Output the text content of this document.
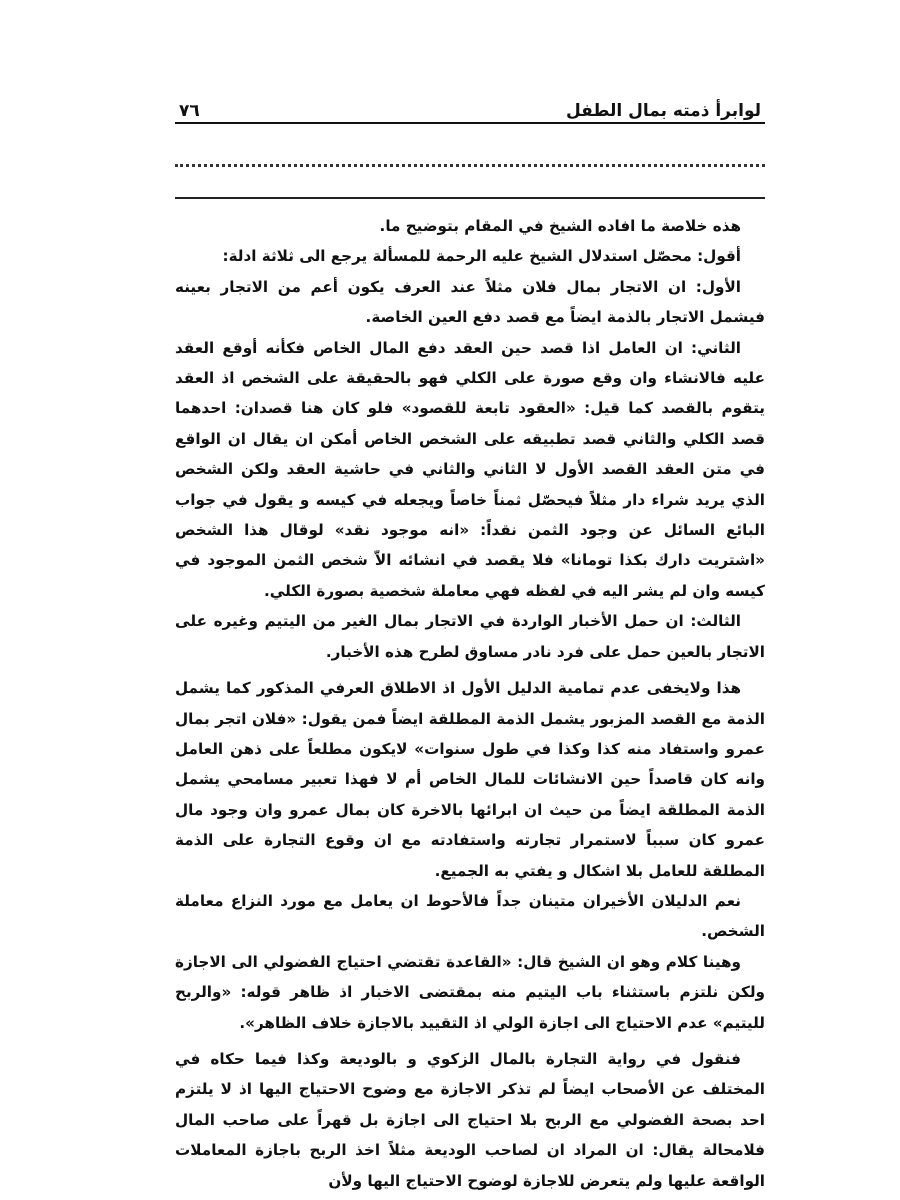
لوابرأ ذمته بمال الطفل
٧٦

هذه خلاصة ما افاده الشيخ في المقام بتوضيح ما.

أقول: محصّل استدلال الشيخ عليه الرحمة للمسألة يرجع الى ثلاثة ادلة:

الأول: ان الاتجار بمال فلان مثلاً عند العرف يكون أعم من الاتجار بعينه فيشمل الاتجار بالذمة ايضاً مع قصد دفع العين الخاصة.

الثاني: ان العامل اذا قصد حين العقد دفع المال الخاص فكأنه أوقع العقد عليه فالانشاء وان وقع صورة على الكلي فهو بالحقيقة على الشخص اذ العقد يتقوم بالقصد كما قيل: «العقود تابعة للقصود» فلو كان هنا قصدان: احدهما قصد الكلي والثاني قصد تطبيقه على الشخص الخاص أمكن ان يقال ان الواقع في متن العقد القصد الأول لا الثاني والثاني في حاشية العقد ولكن الشخص الذي يريد شراء دار مثلاً فيحصّل ثمناً خاصاً ويجعله في كيسه و يقول في جواب البائع السائل عن وجود الثمن نقداً: «انه موجود نقد» لوقال هذا الشخص «اشتريت دارك بكذا تومانا» فلا يقصد في انشائه الاّ شخص الثمن الموجود في كيسه وان لم يشر اليه في لفظه فهي معاملة شخصية بصورة الكلي.

الثالث: ان حمل الأخبار الواردة في الاتجار بمال الغير من اليتيم وغيره على الاتجار بالعين حمل على فرد نادر مساوق لطرح هذه الأخبار.

هذا ولايخفى عدم تمامية الدليل الأول اذ الاطلاق العرفي المذكور كما يشمل الذمة مع القصد المزبور يشمل الذمة المطلقة ايضاً فمن يقول: «فلان اتجر بمال عمرو واستفاد منه كذا وكذا في طول سنوات» لايكون مطلعاً على ذهن العامل وانه كان قاصداً حين الانشائات للمال الخاص أم لا فهذا تعبير مسامحي يشمل الذمة المطلقة ايضاً من حيث ان ابرائها بالاخرة كان بمال عمرو وان وجود مال عمرو كان سبباً لاستمرار تجارته واستفادته مع ان وقوع التجارة على الذمة المطلقة للعامل بلا اشكال و يفتي به الجميع.

نعم الدليلان الأخيران متينان جداً فالأحوط ان يعامل مع مورد النزاع معاملة الشخص.

وهينا كلام وهو ان الشيخ قال: «القاعدة تقتضي احتياج الفضولي الى الاجازة ولكن نلتزم باستثناء باب اليتيم منه بمقتضى الاخبار اذ ظاهر قوله: «والربح لليتيم» عدم الاحتياج الى اجازة الولي اذ التقييد بالاجازة خلاف الظاهر».

فنقول في رواية التجارة بالمال الزكوي و بالوديعة وكذا فيما حكاه في المختلف عن الأصحاب ايضاً لم تذكر الاجازة مع وضوح الاحتياج اليها اذ لا يلتزم احد بصحة الفضولي مع الربح بلا احتياج الى اجازة بل قهراً على صاحب المال فلامحالة يقال: ان المراد ان لصاحب الوديعة مثلاً اخذ الربح باجازة المعاملات الواقعة عليها ولم يتعرض للاجازة لوضوح الاحتياج اليها ولأن
